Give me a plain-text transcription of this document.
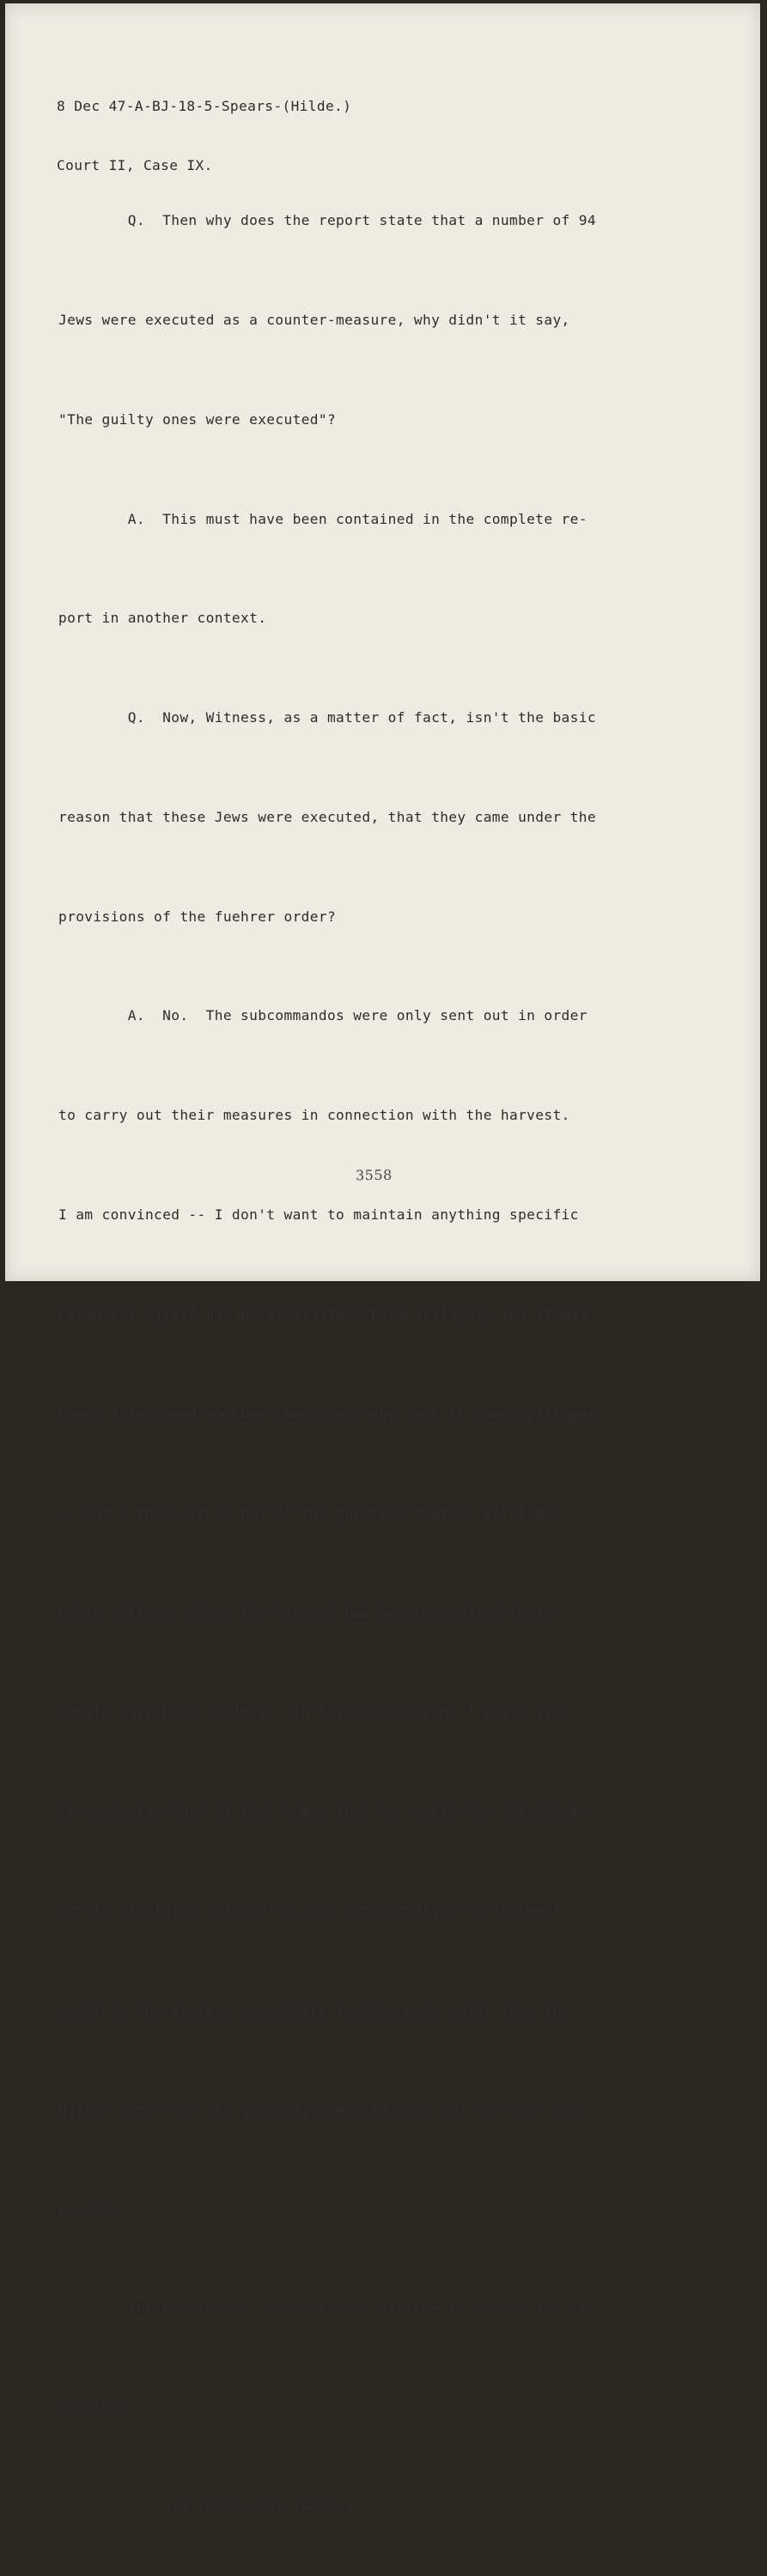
8 Dec 47-A-BJ-18-5-Spears-(Hilde.)

Court II, Case IX.

Q.  Then why does the report state that a number of 94

Jews were executed as a counter-measure, why didn't it say,

"The guilty ones were executed"?

A.  This must have been contained in the complete re-

port in another context.

Q.  Now, Witness, as a matter of fact, isn't the basic

reason that these Jews were executed, that they came under the

provisions of the fuehrer order?

A.  No.  The subcommandos were only sent out in order

to carry out their measures in connection with the harvest.

I am convinced -- I don't want to maintain anything specific

because I myself had never visited these villages, and it was

never determined whether there were any Jews in these villages

-- but I think it is out of the question that in all these

other villages where the harvest had been organized there

should have been no Jews.  In this connection, I would like

to emphasize that at that time, that is, until the Reichfueh-

rer in Nikolajew refused to give consideration to the Wehr-

macht in the plains, especially to its needs until then the

Hitler order was not generally carried out, and was even sus-

pended.

THE PRESIDENT:  The Tribunal will be in recess for 15

minutes.

(A recess was taken.)

3558
